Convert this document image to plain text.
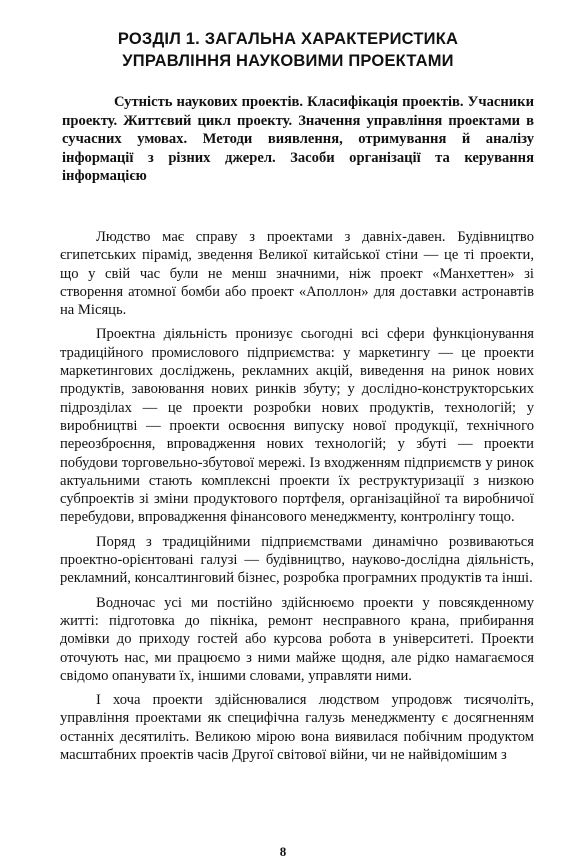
РОЗДІЛ 1. ЗАГАЛЬНА ХАРАКТЕРИСТИКА
УПРАВЛІННЯ НАУКОВИМИ ПРОЕКТАМИ
Сутність наукових проектів. Класифікація проектів. Учасники проекту. Життєвий цикл проекту. Значення управління проектами в сучасних умовах. Методи виявлення, отримування й аналізу інформації з різних джерел. Засоби організації та керування інформацією

Людство має справу з проектами з давніх-давен. Будівництво єгипетських пірамід, зведення Великої китайської стіни — це ті проекти, що у свій час були не менш значними, ніж проект «Манхеттен» зі створення атомної бомби або проект «Аполлон» для доставки астронавтів на Місяць.

Проектна діяльність пронизує сьогодні всі сфери функціонування традиційного промислового підприємства: у маркетингу — це проекти маркетингових досліджень, рекламних акцій, виведення на ринок нових продуктів, завоювання нових ринків збуту; у дослідно-конструкторських підрозділах — це проекти розробки нових продуктів, технологій; у виробництві — проекти освоєння випуску нової продукції, технічного переозброєння, впровадження нових технологій; у збуті — проекти побудови торговельно-збутової мережі. Із входженням підприємств у ринок актуальними стають комплексні проекти їх реструктуризації з низкою субпроектів зі зміни продуктового портфеля, організаційної та виробничої перебудови, впровадження фінансового менеджменту, контролінгу тощо.

Поряд з традиційними підприємствами динамічно розвиваються проектно-орієнтовані галузі — будівництво, науково-дослідна діяльність, рекламний, консалтинговий бізнес, розробка програмних продуктів та інші.

Водночас усі ми постійно здійснюємо проекти у повсякденному житті: підготовка до пікніка, ремонт несправного крана, прибирання домівки до приходу гостей або курсова робота в університеті. Проекти оточують нас, ми працюємо з ними майже щодня, але рідко намагаємося свідомо опанувати їх, іншими словами, управляти ними.

І хоча проекти здійснювалися людством упродовж тисячоліть, управління проектами як специфічна галузь менеджменту є досягненням останніх десятиліть. Великою мірою вона виявилася побічним продуктом масштабних проектів часів Другої світової війни, чи не найвідомішим з

8
